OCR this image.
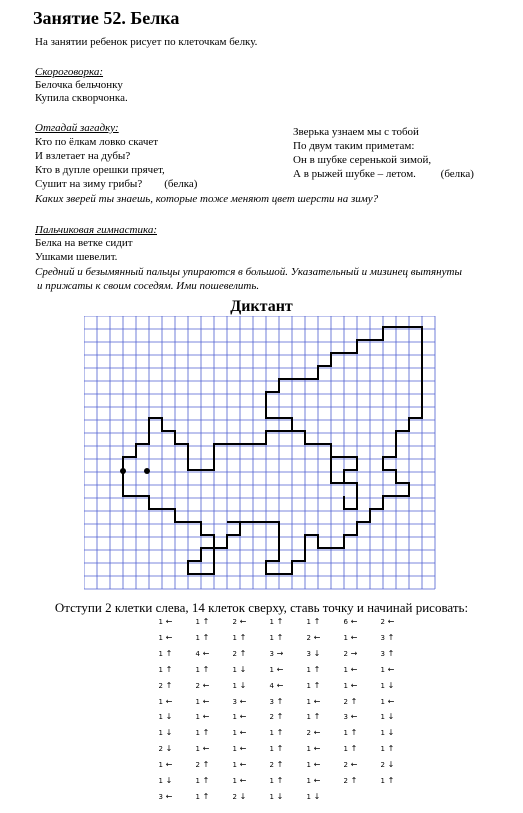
Занятие 52. Белка
На занятии ребенок рисует по клеточкам белку.
Скороговорка:
Белочка бельчонку
Купила скворчонка.
Отгадай загадку:
Кто по ёлкам ловко скачет
И взлетает на дубы?
Кто в дупле орешки прячет,
Сушит на зиму грибы?        (белка)
Зверька узнаем мы с тобой
По двум таким приметам:
Он в шубке серенькой зимой,
А в рыжей шубке – летом.         (белка)
Каких зверей ты знаешь, которые тоже меняют цвет шерсти на зиму?
Пальчиковая гимнастика:
Белка на ветке сидит
Ушками шевелит.
Средний и безымянный пальцы упираются в большой. Указательный и мизинец вытянуты
и прижаты к своим соседям. Ими пошевелить.
Диктант
Отступи 2 клетки слева, 14 клеток сверху, ставь точку и начинай рисовать:
1 ←
1 ←
1 ↑
1 ↑
2 ↑
1 ←
1 ↓
1 ↓
2 ↓
1 ←
1 ↓
3 ←
1 ↑
1 ↑
4 ←
1 ↑
2 ←
1 ←
1 ←
1 ↑
1 ←
2 ↑
1 ↑
1 ↑
2 ←
1 ↑
2 ↑
1 ↓
1 ↓
3 ←
1 ←
1 ←
1 ←
1 ←
1 ←
2 ↓
1 ↑
1 ↑
3 →
1 ←
4 ←
3 ↑
2 ↑
1 ↑
1 ↑
2 ↑
1 ↑
1 ↓
1 ↑
2 ←
3 ↓
1 ↑
1 ↑
1 ←
1 ↑
2 ←
1 ←
1 ←
1 ←
1 ↓
6 ←
1 ←
2 →
1 ←
1 ←
2 ↑
3 ←
1 ↑
1 ↑
2 ←
2 ↑
2 ←
3 ↑
3 ↑
1 ←
1 ↓
1 ←
1 ↓
1 ↓
1 ↑
2 ↓
1 ↑
